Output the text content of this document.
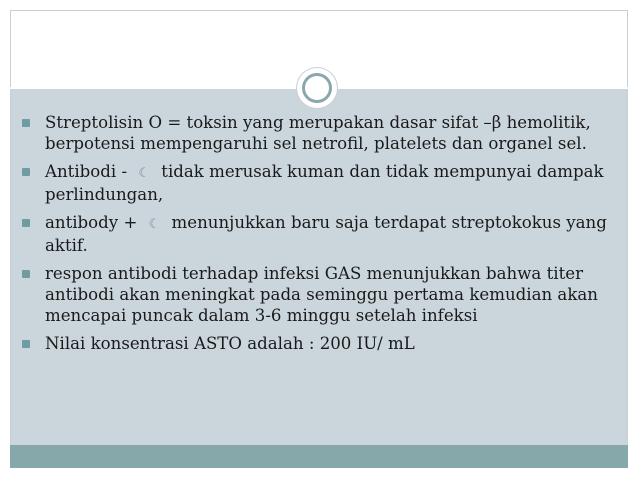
Streptolisin O = toksin yang merupakan dasar sifat –β hemolitik, berpotensi mempengaruhi sel netrofil, platelets dan organel sel.
Antibodi - ☾ tidak merusak kuman dan tidak mempunyai dampak perlindungan,
antibody + ☾ menunjukkan baru saja terdapat streptokokus yang aktif.
respon antibodi terhadap infeksi GAS menunjukkan bahwa titer antibodi akan meningkat pada seminggu pertama kemudian akan mencapai puncak dalam 3-6 minggu setelah infeksi
Nilai konsentrasi ASTO adalah : 200 IU/ mL
